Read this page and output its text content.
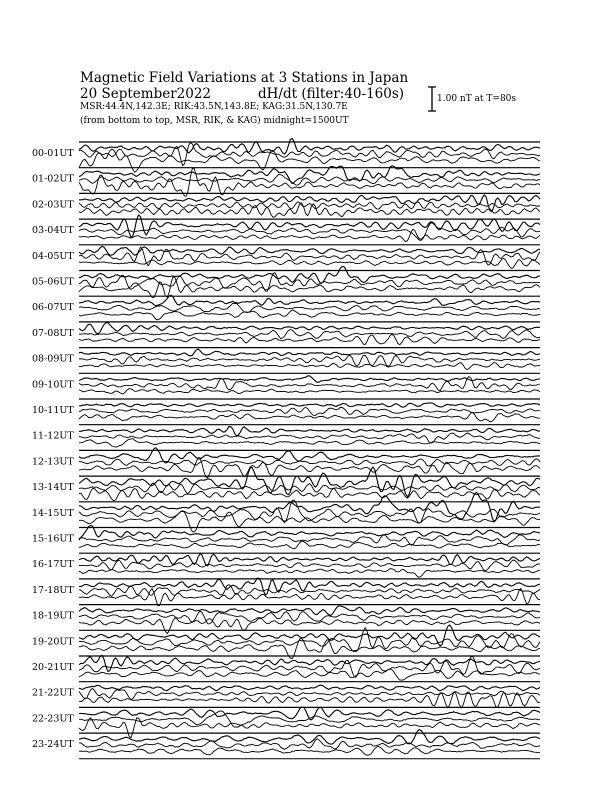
Magnetic Field Variations at 3 Stations in Japan
20 September2022	dH/dt (filter:40-160s)
MSR:44.4N,142.3E; RIK:43.5N,143.8E; KAG:31.5N,130.7E
(from bottom to top, MSR, RIK, & KAG) midnight=1500UT
1.00 nT at T=80s
00-01UT
01-02UT
02-03UT
03-04UT
04-05UT
05-06UT
06-07UT
07-08UT
08-09UT
09-10UT
10-11UT
11-12UT
12-13UT
13-14UT
14-15UT
15-16UT
16-17UT
17-18UT
18-19UT
19-20UT
20-21UT
21-22UT
22-23UT
23-24UT
